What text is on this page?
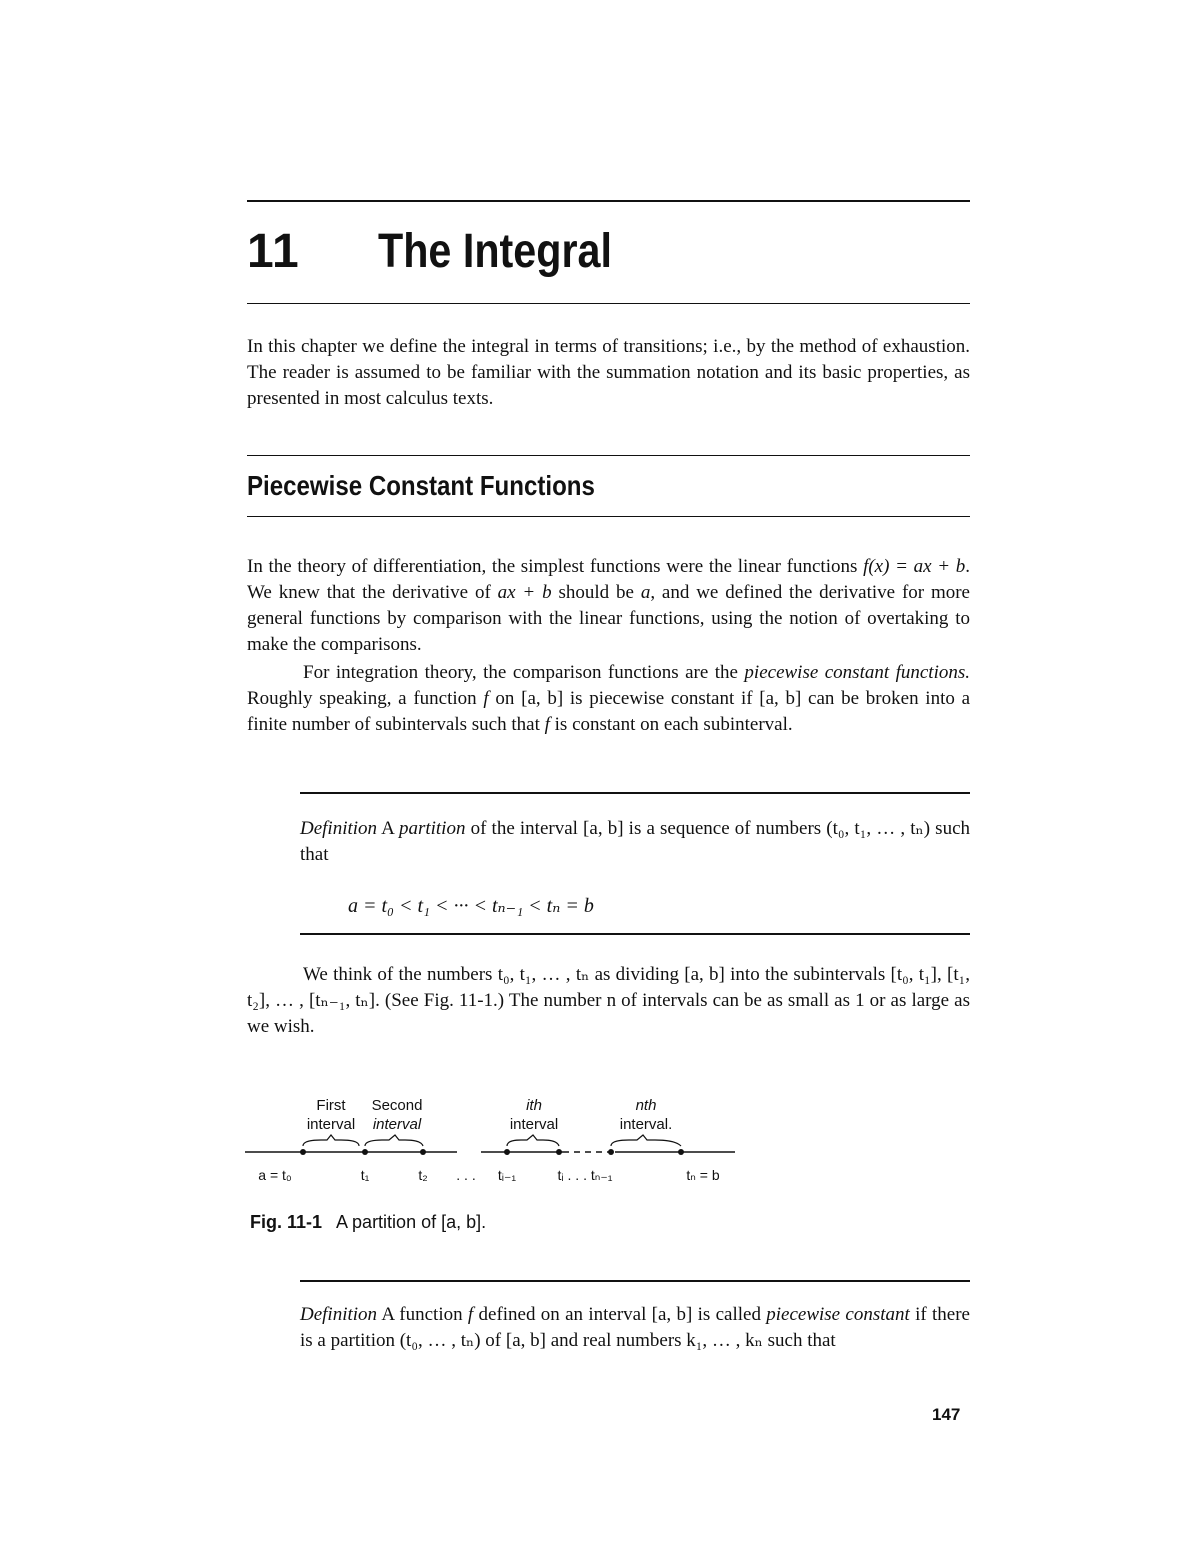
11 The Integral
In this chapter we define the integral in terms of transitions; i.e., by the method of exhaustion. The reader is assumed to be familiar with the summation notation and its basic properties, as presented in most calculus texts.
Piecewise Constant Functions
In the theory of differentiation, the simplest functions were the linear functions f(x) = ax + b. We knew that the derivative of ax + b should be a, and we defined the derivative for more general functions by comparison with the linear functions, using the notion of overtaking to make the comparisons.
For integration theory, the comparison functions are the piecewise constant functions. Roughly speaking, a function f on [a, b] is piecewise constant if [a, b] can be broken into a finite number of subintervals such that f is constant on each subinterval.
Definition A partition of the interval [a, b] is a sequence of numbers (t₀, t₁, … , tₙ) such that
a = t₀ < t₁ < ··· < tₙ₋₁ < tₙ = b
We think of the numbers t₀, t₁, … , tₙ as dividing [a, b] into the subintervals [t₀, t₁], [t₁, t₂], … , [tₙ₋₁, tₙ]. (See Fig. 11-1.) The number n of intervals can be as small as 1 or as large as we wish.
First
interval
Second
interval
ith
interval
nth
interval.
a = t₀	t₁	t₂ . . . tᵢ₋₁	tᵢ . . . tₙ₋₁	tₙ = b
Fig. 11-1 A partition of [a, b].
Definition A function f defined on an interval [a, b] is called piecewise constant if there is a partition (t₀, … , tₙ) of [a, b] and real numbers k₁, … , kₙ such that
147
